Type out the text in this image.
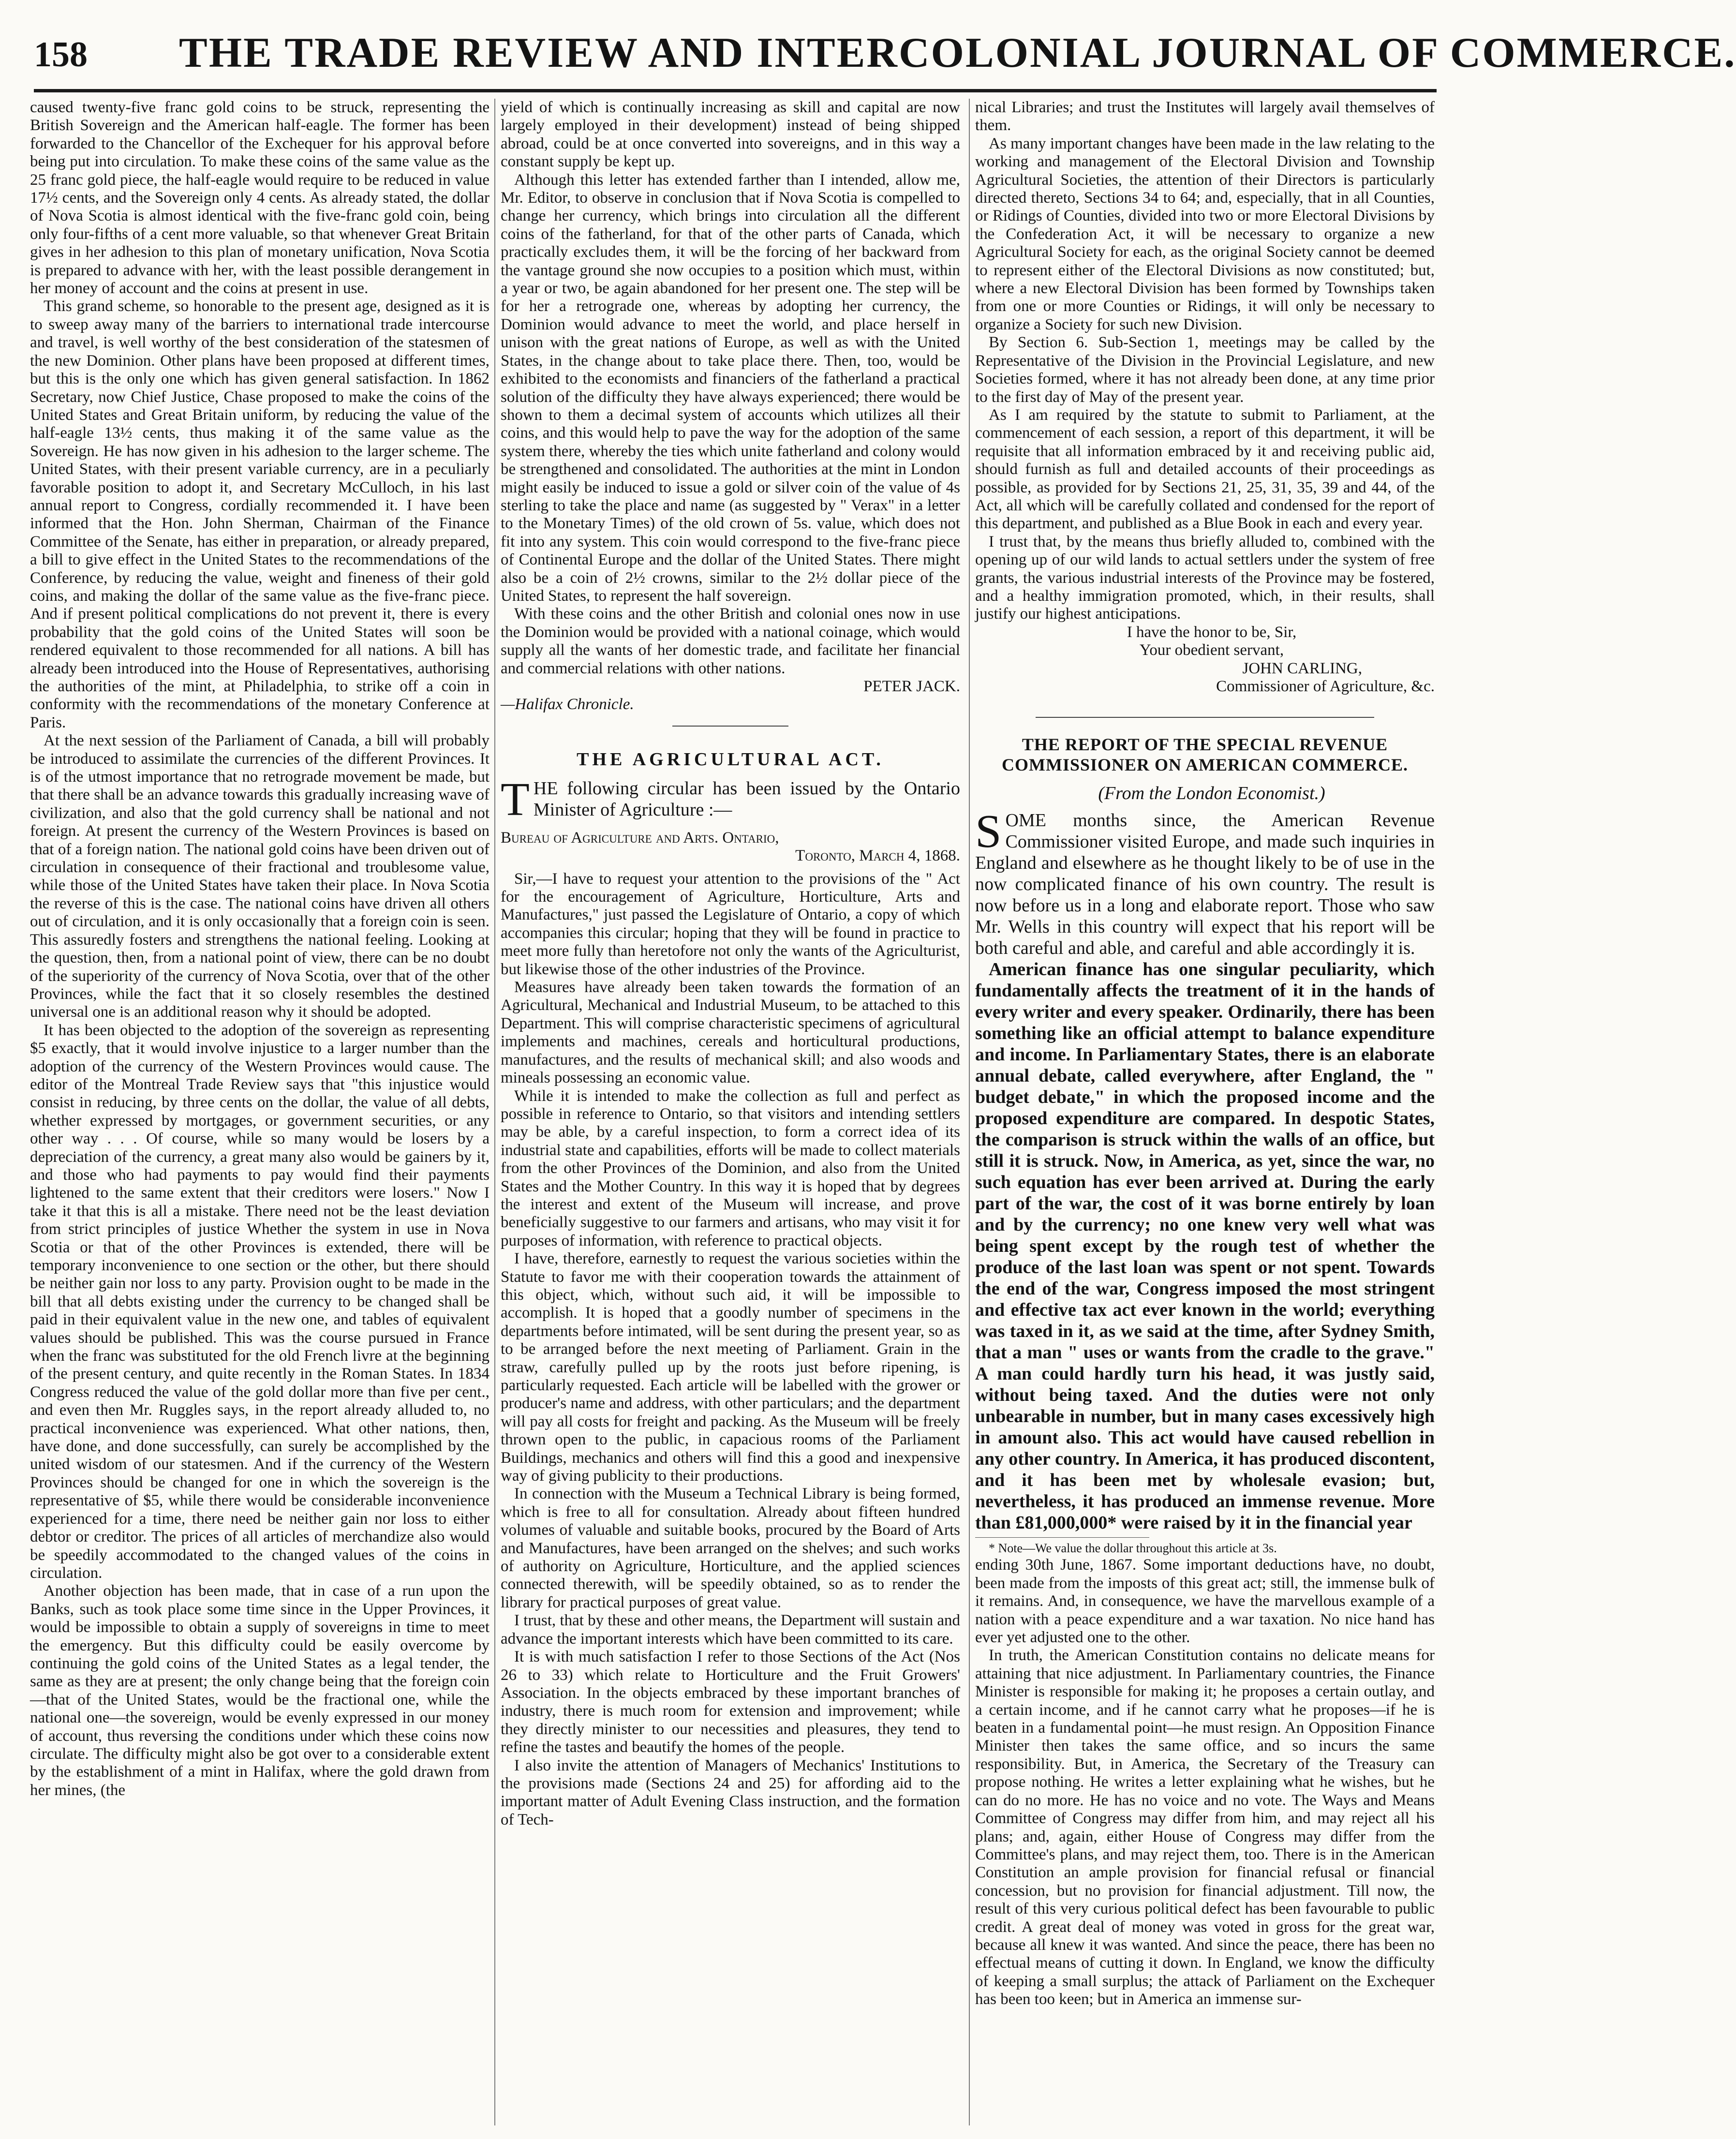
158 THE TRADE REVIEW AND INTERCOLONIAL JOURNAL OF COMMERCE.

caused twenty-five franc gold coins to be struck, representing the British Sovereign and the American half-eagle. The former has been forwarded to the Chancellor of the Exchequer for his approval before being put into circulation. To make these coins of the same value as the 25 franc gold piece, the half-eagle would require to be reduced in value 17½ cents, and the Sovereign only 4 cents. As already stated, the dollar of Nova Scotia is almost identical with the five-franc gold coin, being only four-fifths of a cent more valuable, so that whenever Great Britain gives in her adhesion to this plan of monetary unification, Nova Scotia is prepared to advance with her, with the least possible derangement in her money of account and the coins at present in use.

This grand scheme, so honorable to the present age, designed as it is to sweep away many of the barriers to international trade intercourse and travel, is well worthy of the best consideration of the statesmen of the new Dominion. Other plans have been proposed at different times, but this is the only one which has given general satisfaction. In 1862 Secretary, now Chief Justice, Chase proposed to make the coins of the United States and Great Britain uniform, by reducing the value of the half-eagle 13½ cents, thus making it of the same value as the Sovereign. He has now given in his adhesion to the larger scheme. The United States, with their present variable currency, are in a peculiarly favorable position to adopt it, and Secretary McCulloch, in his last annual report to Congress, cordially recommended it. I have been informed that the Hon. John Sherman, Chairman of the Finance Committee of the Senate, has either in preparation, or already prepared, a bill to give effect in the United States to the recommendations of the Conference, by reducing the value, weight and fineness of their gold coins, and making the dollar of the same value as the five-franc piece. And if present political complications do not prevent it, there is every probability that the gold coins of the United States will soon be rendered equivalent to those recommended for all nations. A bill has already been introduced into the House of Representatives, authorising the authorities of the mint, at Philadelphia, to strike off a coin in conformity with the recommendations of the monetary Conference at Paris.

At the next session of the Parliament of Canada, a bill will probably be introduced to assimilate the currencies of the different Provinces. It is of the utmost importance that no retrograde movement be made, but that there shall be an advance towards this gradually increasing wave of civilization, and also that the gold currency shall be national and not foreign. At present the currency of the Western Provinces is based on that of a foreign nation. The national gold coins have been driven out of circulation in consequence of their fractional and troublesome value, while those of the United States have taken their place. In Nova Scotia the reverse of this is the case. The national coins have driven all others out of circulation, and it is only occasionally that a foreign coin is seen. This assuredly fosters and strengthens the national feeling. Looking at the question, then, from a national point of view, there can be no doubt of the superiority of the currency of Nova Scotia, over that of the other Provinces, while the fact that it so closely resembles the destined universal one is an additional reason why it should be adopted.

It has been objected to the adoption of the sovereign as representing $5 exactly, that it would involve injustice to a larger number than the adoption of the currency of the Western Provinces would cause. The editor of the Montreal Trade Review says that "this injustice would consist in reducing, by three cents on the dollar, the value of all debts, whether expressed by mortgages, or government securities, or any other way . . . Of course, while so many would be losers by a depreciation of the currency, a great many also would be gainers by it, and those who had payments to pay would find their payments lightened to the same extent that their creditors were losers." Now I take it that this is all a mistake. There need not be the least deviation from strict principles of justice Whether the system in use in Nova Scotia or that of the other Provinces is extended, there will be temporary inconvenience to one section or the other, but there should be neither gain nor loss to any party. Provision ought to be made in the bill that all debts existing under the currency to be changed shall be paid in their equivalent value in the new one, and tables of equivalent values should be published. This was the course pursued in France when the franc was substituted for the old French livre at the beginning of the present century, and quite recently in the Roman States. In 1834 Congress reduced the value of the gold dollar more than five per cent., and even then Mr. Ruggles says, in the report already alluded to, no practical inconvenience was experienced. What other nations, then, have done, and done successfully, can surely be accomplished by the united wisdom of our statesmen. And if the currency of the Western Provinces should be changed for one in which the sovereign is the representative of $5, while there would be considerable inconvenience experienced for a time, there need be neither gain nor loss to either debtor or creditor. The prices of all articles of merchandize also would be speedily accommodated to the changed values of the coins in circulation.

Another objection has been made, that in case of a run upon the Banks, such as took place some time since in the Upper Provinces, it would be impossible to obtain a supply of sovereigns in time to meet the emergency. But this difficulty could be easily overcome by continuing the gold coins of the United States as a legal tender, the same as they are at present; the only change being that the foreign coin—that of the United States, would be the fractional one, while the national one—the sovereign, would be evenly expressed in our money of account, thus reversing the conditions under which these coins now circulate. The difficulty might also be got over to a considerable extent by the establishment of a mint in Halifax, where the gold drawn from her mines, (the

yield of which is continually increasing as skill and capital are now largely employed in their development) instead of being shipped abroad, could be at once converted into sovereigns, and in this way a constant supply be kept up.

Although this letter has extended farther than I intended, allow me, Mr. Editor, to observe in conclusion that if Nova Scotia is compelled to change her currency, which brings into circulation all the different coins of the fatherland, for that of the other parts of Canada, which practically excludes them, it will be the forcing of her backward from the vantage ground she now occupies to a position which must, within a year or two, be again abandoned for her present one. The step will be for her a retrograde one, whereas by adopting her currency, the Dominion would advance to meet the world, and place herself in unison with the great nations of Europe, as well as with the United States, in the change about to take place there. Then, too, would be exhibited to the economists and financiers of the fatherland a practical solution of the difficulty they have always experienced; there would be shown to them a decimal system of accounts which utilizes all their coins, and this would help to pave the way for the adoption of the same system there, whereby the ties which unite fatherland and colony would be strengthened and consolidated. The authorities at the mint in London might easily be induced to issue a gold or silver coin of the value of 4s sterling to take the place and name (as suggested by " Verax" in a letter to the Monetary Times) of the old crown of 5s. value, which does not fit into any system. This coin would correspond to the five-franc piece of Continental Europe and the dollar of the United States. There might also be a coin of 2½ crowns, similar to the 2½ dollar piece of the United States, to represent the half sovereign.

With these coins and the other British and colonial ones now in use the Dominion would be provided with a national coinage, which would supply all the wants of her domestic trade, and facilitate her financial and commercial relations with other nations.

PETER JACK.

—Halifax Chronicle.

THE AGRICULTURAL ACT.

THE following circular has been issued by the Ontario Minister of Agriculture :—

Bureau of Agriculture and Arts. Ontario,

Toronto, March 4, 1868.

Sir,—I have to request your attention to the provisions of the " Act for the encouragement of Agriculture, Horticulture, Arts and Manufactures," just passed the Legislature of Ontario, a copy of which accompanies this circular; hoping that they will be found in practice to meet more fully than heretofore not only the wants of the Agriculturist, but likewise those of the other industries of the Province.

Measures have already been taken towards the formation of an Agricultural, Mechanical and Industrial Museum, to be attached to this Department. This will comprise characteristic specimens of agricultural implements and machines, cereals and horticultural productions, manufactures, and the results of mechanical skill; and also woods and mineals possessing an economic value.

While it is intended to make the collection as full and perfect as possible in reference to Ontario, so that visitors and intending settlers may be able, by a careful inspection, to form a correct idea of its industrial state and capabilities, efforts will be made to collect materials from the other Provinces of the Dominion, and also from the United States and the Mother Country. In this way it is hoped that by degrees the interest and extent of the Museum will increase, and prove beneficially suggestive to our farmers and artisans, who may visit it for purposes of information, with reference to practical objects.

I have, therefore, earnestly to request the various societies within the Statute to favor me with their cooperation towards the attainment of this object, which, without such aid, it will be impossible to accomplish. It is hoped that a goodly number of specimens in the departments before intimated, will be sent during the present year, so as to be arranged before the next meeting of Parliament. Grain in the straw, carefully pulled up by the roots just before ripening, is particularly requested. Each article will be labelled with the grower or producer's name and address, with other particulars; and the department will pay all costs for freight and packing. As the Museum will be freely thrown open to the public, in capacious rooms of the Parliament Buildings, mechanics and others will find this a good and inexpensive way of giving publicity to their productions.

In connection with the Museum a Technical Library is being formed, which is free to all for consultation. Already about fifteen hundred volumes of valuable and suitable books, procured by the Board of Arts and Manufactures, have been arranged on the shelves; and such works of authority on Agriculture, Horticulture, and the applied sciences connected therewith, will be speedily obtained, so as to render the library for practical purposes of great value.

I trust, that by these and other means, the Department will sustain and advance the important interests which have been committed to its care.

It is with much satisfaction I refer to those Sections of the Act (Nos 26 to 33) which relate to Horticulture and the Fruit Growers' Association. In the objects embraced by these important branches of industry, there is much room for extension and improvement; while they directly minister to our necessities and pleasures, they tend to refine the tastes and beautify the homes of the people.

I also invite the attention of Managers of Mechanics' Institutions to the provisions made (Sections 24 and 25) for affording aid to the important matter of Adult Evening Class instruction, and the formation of Tech-

nical Libraries; and trust the Institutes will largely avail themselves of them.

As many important changes have been made in the law relating to the working and management of the Electoral Division and Township Agricultural Societies, the attention of their Directors is particularly directed thereto, Sections 34 to 64; and, especially, that in all Counties, or Ridings of Counties, divided into two or more Electoral Divisions by the Confederation Act, it will be necessary to organize a new Agricultural Society for each, as the original Society cannot be deemed to represent either of the Electoral Divisions as now constituted; but, where a new Electoral Division has been formed by Townships taken from one or more Counties or Ridings, it will only be necessary to organize a Society for such new Division.

By Section 6. Sub-Section 1, meetings may be called by the Representative of the Division in the Provincial Legislature, and new Societies formed, where it has not already been done, at any time prior to the first day of May of the present year.

As I am required by the statute to submit to Parliament, at the commencement of each session, a report of this department, it will be requisite that all information embraced by it and receiving public aid, should furnish as full and detailed accounts of their proceedings as possible, as provided for by Sections 21, 25, 31, 35, 39 and 44, of the Act, all which will be carefully collated and condensed for the report of this department, and published as a Blue Book in each and every year.

I trust that, by the means thus briefly alluded to, combined with the opening up of our wild lands to actual settlers under the system of free grants, the various industrial interests of the Province may be fostered, and a healthy immigration promoted, which, in their results, shall justify our highest anticipations.

I have the honor to be, Sir,

Your obedient servant,

JOHN CARLING,

Commissioner of Agriculture, &c.

THE REPORT OF THE SPECIAL REVENUE COMMISSIONER ON AMERICAN COMMERCE.

(From the London Economist.)

SOME months since, the American Revenue Commissioner visited Europe, and made such inquiries in England and elsewhere as he thought likely to be of use in the now complicated finance of his own country. The result is now before us in a long and elaborate report. Those who saw Mr. Wells in this country will expect that his report will be both careful and able, and careful and able accordingly it is.

American finance has one singular peculiarity, which fundamentally affects the treatment of it in the hands of every writer and every speaker. Ordinarily, there has been something like an official attempt to balance expenditure and income. In Parliamentary States, there is an elaborate annual debate, called everywhere, after England, the " budget debate," in which the proposed income and the proposed expenditure are compared. In despotic States, the comparison is struck within the walls of an office, but still it is struck. Now, in America, as yet, since the war, no such equation has ever been arrived at. During the early part of the war, the cost of it was borne entirely by loan and by the currency; no one knew very well what was being spent except by the rough test of whether the produce of the last loan was spent or not spent. Towards the end of the war, Congress imposed the most stringent and effective tax act ever known in the world; everything was taxed in it, as we said at the time, after Sydney Smith, that a man " uses or wants from the cradle to the grave." A man could hardly turn his head, it was justly said, without being taxed. And the duties were not only unbearable in number, but in many cases excessively high in amount also. This act would have caused rebellion in any other country. In America, it has produced discontent, and it has been met by wholesale evasion; but, nevertheless, it has produced an immense revenue. More than £81,000,000* were raised by it in the financial year

* Note—We value the dollar throughout this article at 3s.

ending 30th June, 1867. Some important deductions have, no doubt, been made from the imposts of this great act; still, the immense bulk of it remains. And, in consequence, we have the marvellous example of a nation with a peace expenditure and a war taxation. No nice hand has ever yet adjusted one to the other.

In truth, the American Constitution contains no delicate means for attaining that nice adjustment. In Parliamentary countries, the Finance Minister is responsible for making it; he proposes a certain outlay, and a certain income, and if he cannot carry what he proposes—if he is beaten in a fundamental point—he must resign. An Opposition Finance Minister then takes the same office, and so incurs the same responsibility. But, in America, the Secretary of the Treasury can propose nothing. He writes a letter explaining what he wishes, but he can do no more. He has no voice and no vote. The Ways and Means Committee of Congress may differ from him, and may reject all his plans; and, again, either House of Congress may differ from the Committee's plans, and may reject them, too. There is in the American Constitution an ample provision for financial refusal or financial concession, but no provision for financial adjustment. Till now, the result of this very curious political defect has been favourable to public credit. A great deal of money was voted in gross for the great war, because all knew it was wanted. And since the peace, there has been no effectual means of cutting it down. In England, we know the difficulty of keeping a small surplus; the attack of Parliament on the Exchequer has been too keen; but in America an immense sur-
